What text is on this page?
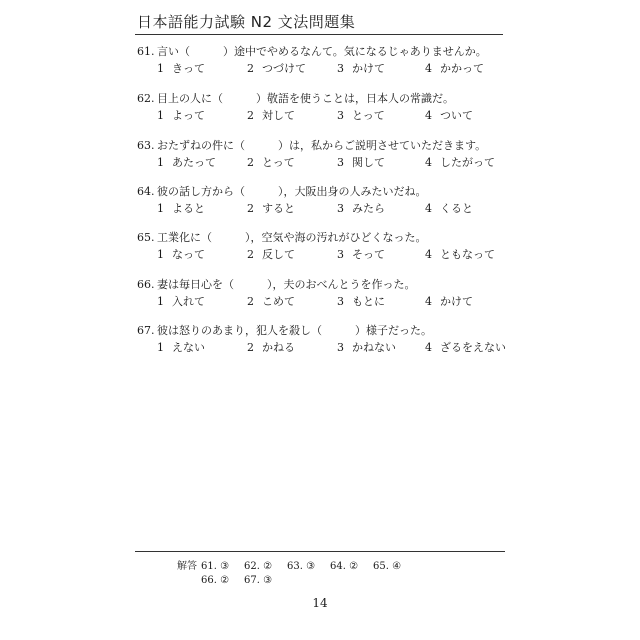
日本語能力試験 N2 文法問題集
61. 言い（　　　）途中でやめるなんて。気になるじゃありませんか。
1 きって	2 つづけて	3 かけて	4 かかって
62. 目上の人に（　　　）敬語を使うことは，日本人の常識だ。
1 よって	2 対して	3 とって	4 ついて
63. おたずねの件に（　　　）は，私からご説明させていただきます。
1 あたって	2 とって	3 関して	4 したがって
64. 彼の話し方から（　　　），大阪出身の人みたいだね。
1 よると	2 すると	3 みたら	4 くると
65. 工業化に（　　　），空気や海の汚れがひどくなった。
1 なって	2 反して	3 そって	4 ともなって
66. 妻は毎日心を（　　　），夫のおべんとうを作った。
1 入れて	2 こめて	3 もとに	4 かけて
67. 彼は怒りのあまり，犯人を殺し（　　　）様子だった。
1 えない	2 かねる	3 かねない	4 ざるをえない
解答 61. ③	62. ②	63. ③	64. ②	65. ④
66. ②	67. ③
14
